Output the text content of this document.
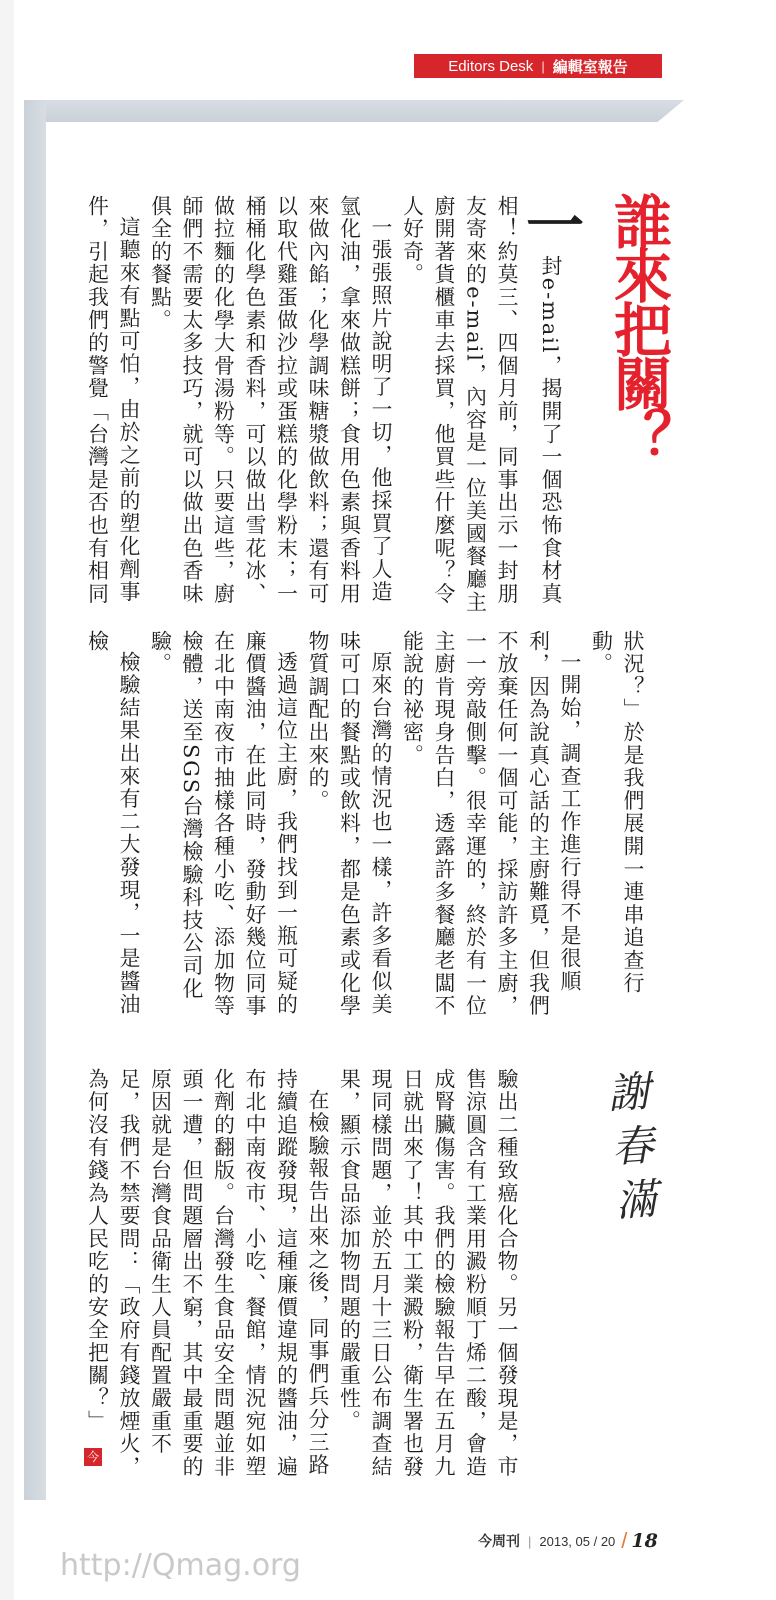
Editors Desk | 編輯室報告
誰來把關？
謝春滿

一封e-mail，揭開了一個恐怖食材真相！約莫三、四個月前，同事出示一封朋友寄來的e-mail，內容是一位美國餐廳主廚開著貨櫃車去採買，他買些什麼呢？令人好奇。

一張張照片說明了一切，他採買了人造氫化油，拿來做糕餅；食用色素與香料用來做內餡；化學調味糖漿做飲料；還有可以取代雞蛋做沙拉或蛋糕的化學粉末；一桶桶化學色素和香料，可以做出雪花冰、做拉麵的化學大骨湯粉等。只要這些，廚師們不需要太多技巧，就可以做出色香味俱全的餐點。

這聽來有點可怕，由於之前的塑化劑事件，引起我們的警覺「台灣是否也有相同

狀況？」於是我們展開一連串追查行動。

一開始，調查工作進行得不是很順利，因為說真心話的主廚難覓，但我們不放棄任何一個可能，採訪許多主廚，一一旁敲側擊。很幸運的，終於有一位主廚肯現身告白，透露許多餐廳老闆不能說的祕密。

原來台灣的情況也一樣，許多看似美味可口的餐點或飲料，都是色素或化學物質調配出來的。

透過這位主廚，我們找到一瓶可疑的廉價醬油，在此同時，發動好幾位同事在北中南夜市抽樣各種小吃、添加物等檢體，送至SGS台灣檢驗科技公司化驗。

檢驗結果出來有二大發現，一是醬油檢

驗出二種致癌化合物。另一個發現是，市售涼圓含有工業用澱粉順丁烯二酸，會造成腎臟傷害。我們的檢驗報告早在五月九日就出來了！其中工業澱粉，衛生署也發現同樣問題，並於五月十三日公布調查結果，顯示食品添加物問題的嚴重性。

在檢驗報告出來之後，同事們兵分三路持續追蹤發現，這種廉價違規的醬油，遍布北中南夜市、小吃、餐館，情況宛如塑化劑的翻版。台灣發生食品安全問題並非頭一遭，但問題層出不窮，其中最重要的原因就是台灣食品衛生人員配置嚴重不足，我們不禁要問：「政府有錢放煙火，為何沒有錢為人民吃的安全把關？」

今
今周刊 | 2013, 05 / 20 / 18
http://Qmag.org
